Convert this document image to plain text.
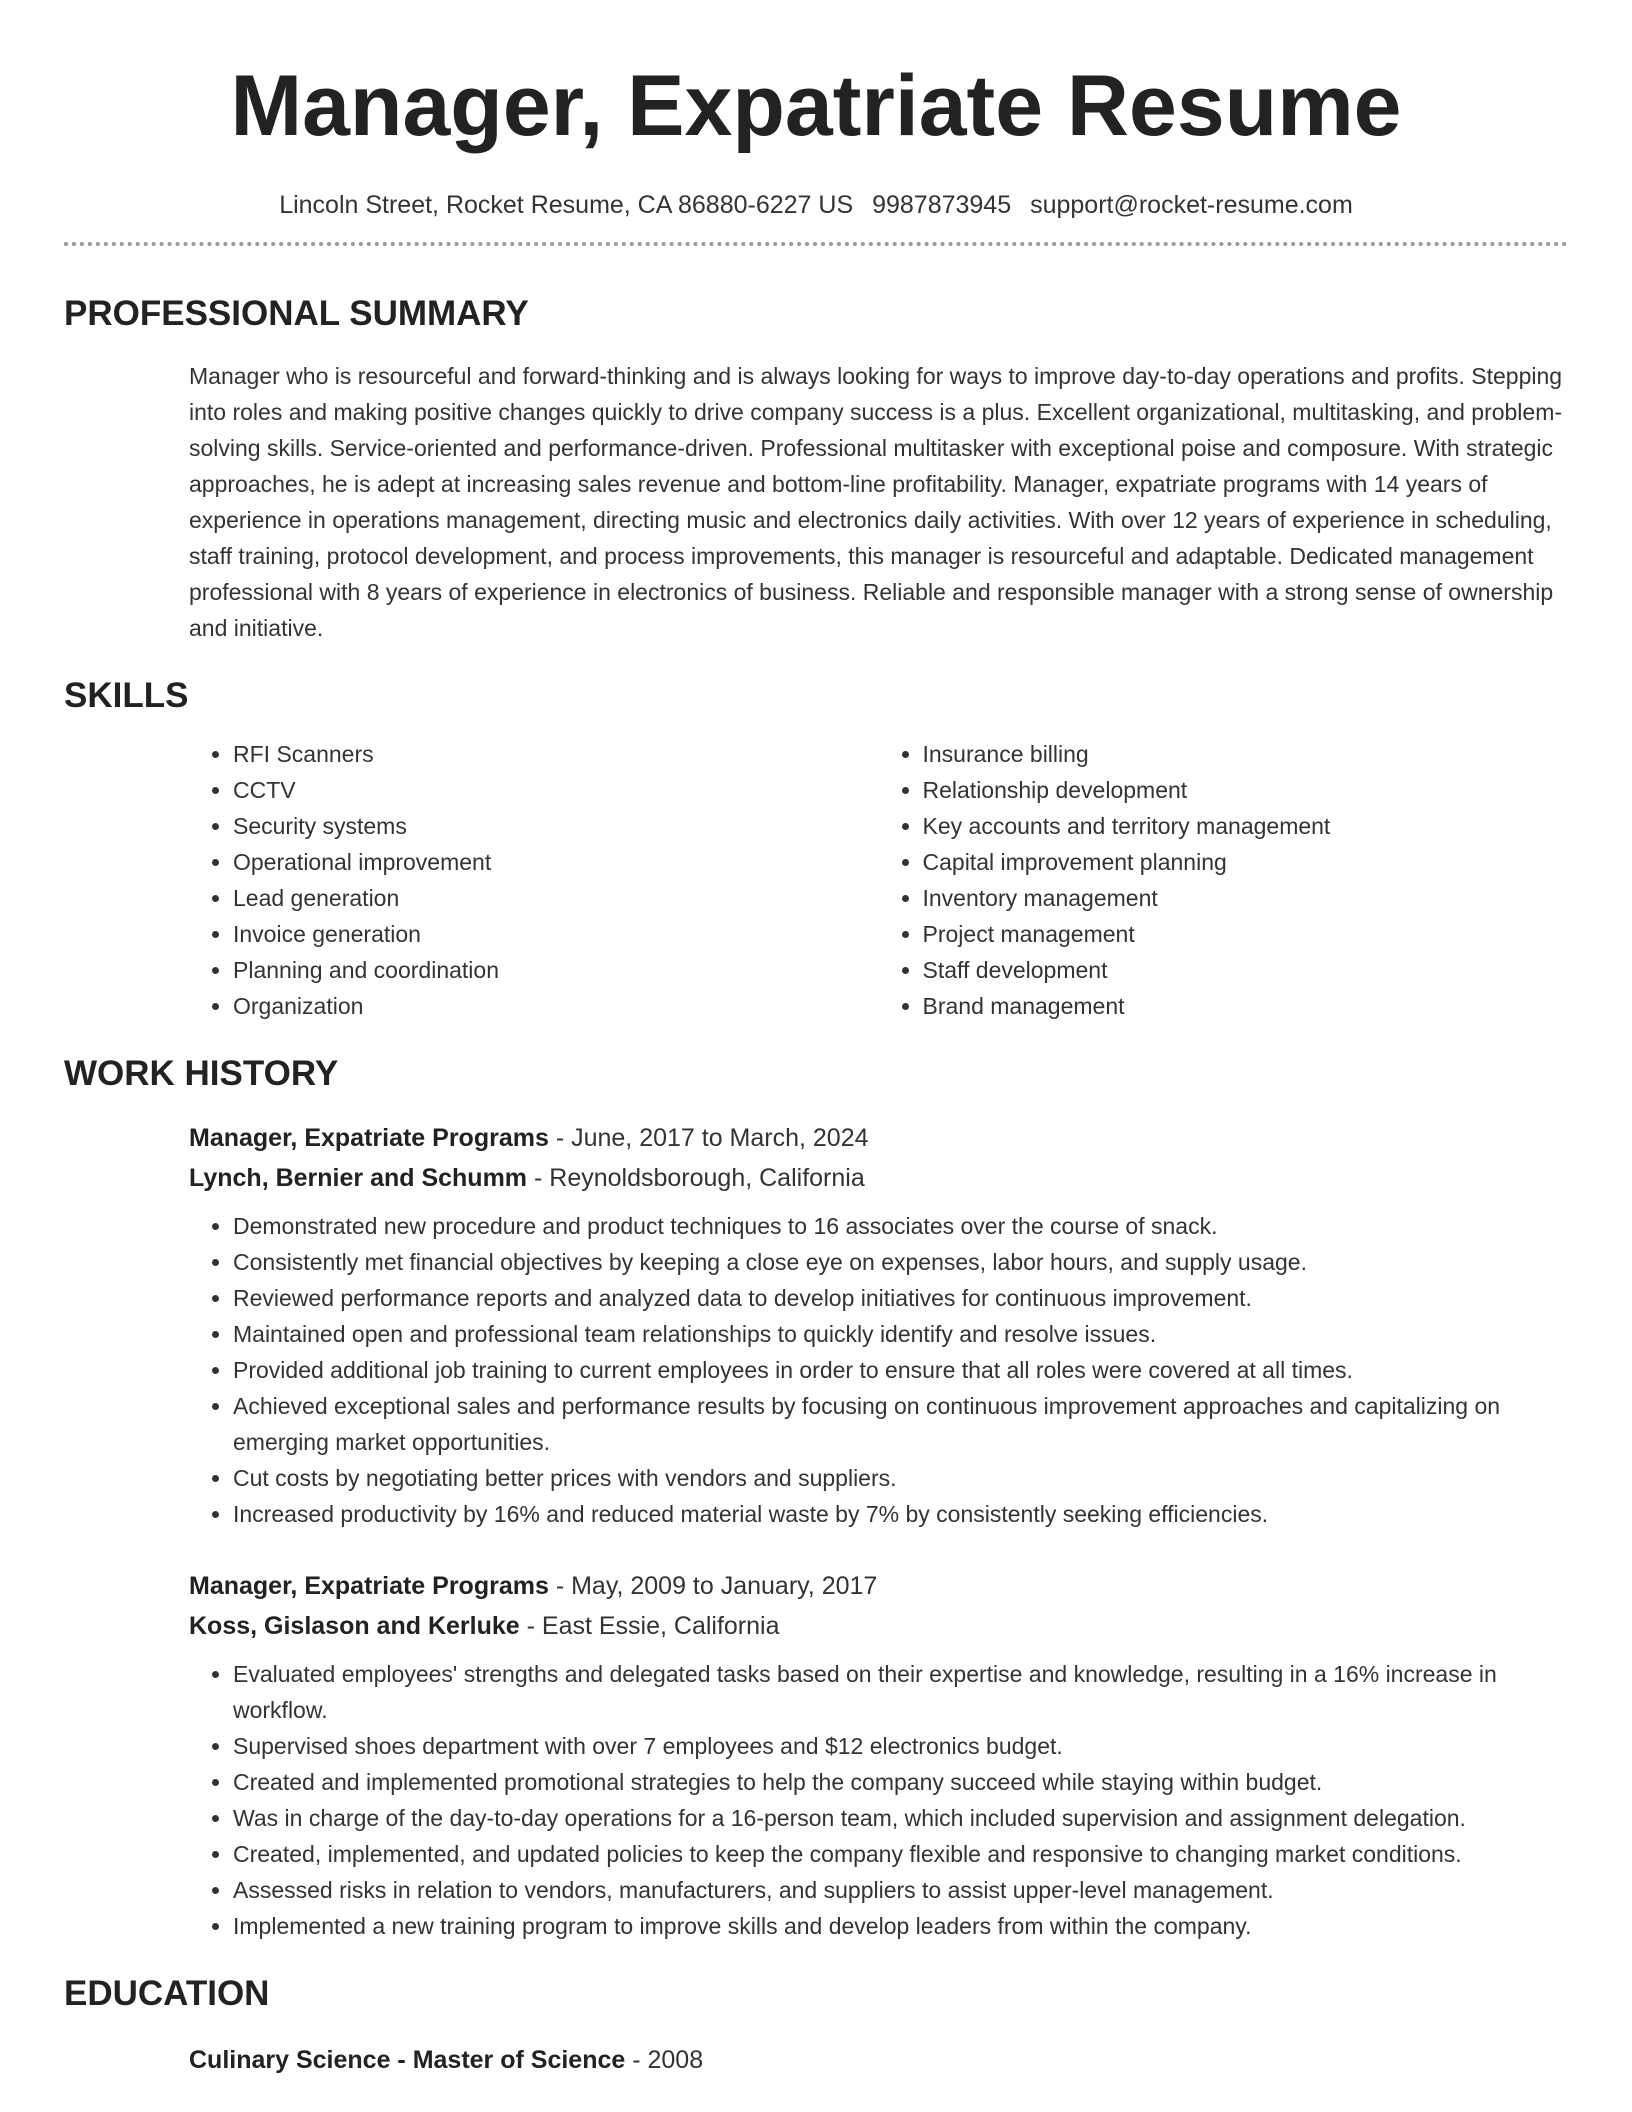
Manager, Expatriate Resume
Lincoln Street, Rocket Resume, CA 86880-6227 US 9987873945 support@rocket-resume.com
PROFESSIONAL SUMMARY
Manager who is resourceful and forward-thinking and is always looking for ways to improve day-to-day operations and profits. Stepping into roles and making positive changes quickly to drive company success is a plus. Excellent organizational, multitasking, and problem-solving skills. Service-oriented and performance-driven. Professional multitasker with exceptional poise and composure. With strategic approaches, he is adept at increasing sales revenue and bottom-line profitability. Manager, expatriate programs with 14 years of experience in operations management, directing music and electronics daily activities. With over 12 years of experience in scheduling, staff training, protocol development, and process improvements, this manager is resourceful and adaptable. Dedicated management professional with 8 years of experience in electronics of business. Reliable and responsible manager with a strong sense of ownership and initiative.
SKILLS
• RFI Scanners
• CCTV
• Security systems
• Operational improvement
• Lead generation
• Invoice generation
• Planning and coordination
• Organization
• Insurance billing
• Relationship development
• Key accounts and territory management
• Capital improvement planning
• Inventory management
• Project management
• Staff development
• Brand management
WORK HISTORY
Manager, Expatriate Programs - June, 2017 to March, 2024
Lynch, Bernier and Schumm - Reynoldsborough, California
• Demonstrated new procedure and product techniques to 16 associates over the course of snack.
• Consistently met financial objectives by keeping a close eye on expenses, labor hours, and supply usage.
• Reviewed performance reports and analyzed data to develop initiatives for continuous improvement.
• Maintained open and professional team relationships to quickly identify and resolve issues.
• Provided additional job training to current employees in order to ensure that all roles were covered at all times.
• Achieved exceptional sales and performance results by focusing on continuous improvement approaches and capitalizing on emerging market opportunities.
• Cut costs by negotiating better prices with vendors and suppliers.
• Increased productivity by 16% and reduced material waste by 7% by consistently seeking efficiencies.
Manager, Expatriate Programs - May, 2009 to January, 2017
Koss, Gislason and Kerluke - East Essie, California
• Evaluated employees' strengths and delegated tasks based on their expertise and knowledge, resulting in a 16% increase in workflow.
• Supervised shoes department with over 7 employees and $12 electronics budget.
• Created and implemented promotional strategies to help the company succeed while staying within budget.
• Was in charge of the day-to-day operations for a 16-person team, which included supervision and assignment delegation.
• Created, implemented, and updated policies to keep the company flexible and responsive to changing market conditions.
• Assessed risks in relation to vendors, manufacturers, and suppliers to assist upper-level management.
• Implemented a new training program to improve skills and develop leaders from within the company.
EDUCATION
Culinary Science - Master of Science - 2008
